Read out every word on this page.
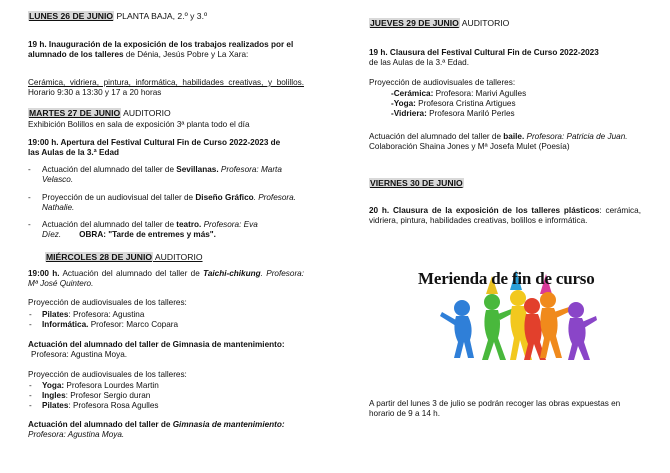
LUNES 26 DE JUNIO PLANTA BAJA, 2.º y 3.º
19 h. Inauguración de la exposición de los trabajos realizados por el alumnado de los talleres de Dénia, Jesús Pobre y La Xara:
Cerámica, vidriera, pintura, informática, habilidades creativas, y bolillos. Horario 9:30 a 13:30 y 17 a 20 horas
MARTES 27 DE JUNIO AUDITORIO
Exhibición Bolillos en sala de exposición 3ª planta todo el día
19:00 h. Apertura del Festival Cultural Fin de Curso 2022-2023 de las Aulas de la 3.ª Edad
- Actuación del alumnado del taller de Sevillanas. Profesora: Marta Velasco.
- Proyección de un audiovisual del taller de Diseño Gráfico. Profesora. Nathalie.
- Actuación del alumnado del taller de teatro. Profesora: Eva Díez. OBRA: "Tarde de entremes y más".
MIÉRCOLES 28 DE JUNIO AUDITORIO
19:00 h. Actuación del alumnado del taller de Taichi-chikung. Profesora: Mª José Quintero.
Proyección de audiovisuales de los talleres:
- Pilates: Profesora: Agustina
- Informática. Profesor: Marco Copara
Actuación del alumnado del taller de Gimnasia de mantenimiento:
Profesora: Agustina Moya.
Proyección de audiovisuales de los talleres:
- Yoga: Profesora Lourdes Martin
- Ingles: Profesor Sergio duran
- Pilates: Profesora Rosa Agulles
Actuación del alumnado del taller de Gimnasia de mantenimiento:
Profesora: Agustina Moya.
JUEVES 29 DE JUNIO AUDITORIO
19 h. Clausura del Festival Cultural Fin de Curso 2022-2023
de las Aulas de la 3.ª Edad.
Proyección de audiovisuales de talleres:
-Cerámica: Profesora: Marivi Agulles
-Yoga: Profesora Cristina Artigues
-Vidriera: Profesora Mariló Perles
Actuación del alumnado del taller de baile. Profesora: Patricia de Juan. Colaboración Shaina Jones y Mª Josefa Mulet (Poesía)
VIERNES 30 DE JUNIO
20 h. Clausura de la exposición de los talleres plásticos: cerámica, vidriera, pintura, habilidades creativas, bolillos e informática.
A partir del lunes 3 de julio se podrán recoger las obras expuestas en horario de 9 a 14 h.
Merienda de fin de curso
